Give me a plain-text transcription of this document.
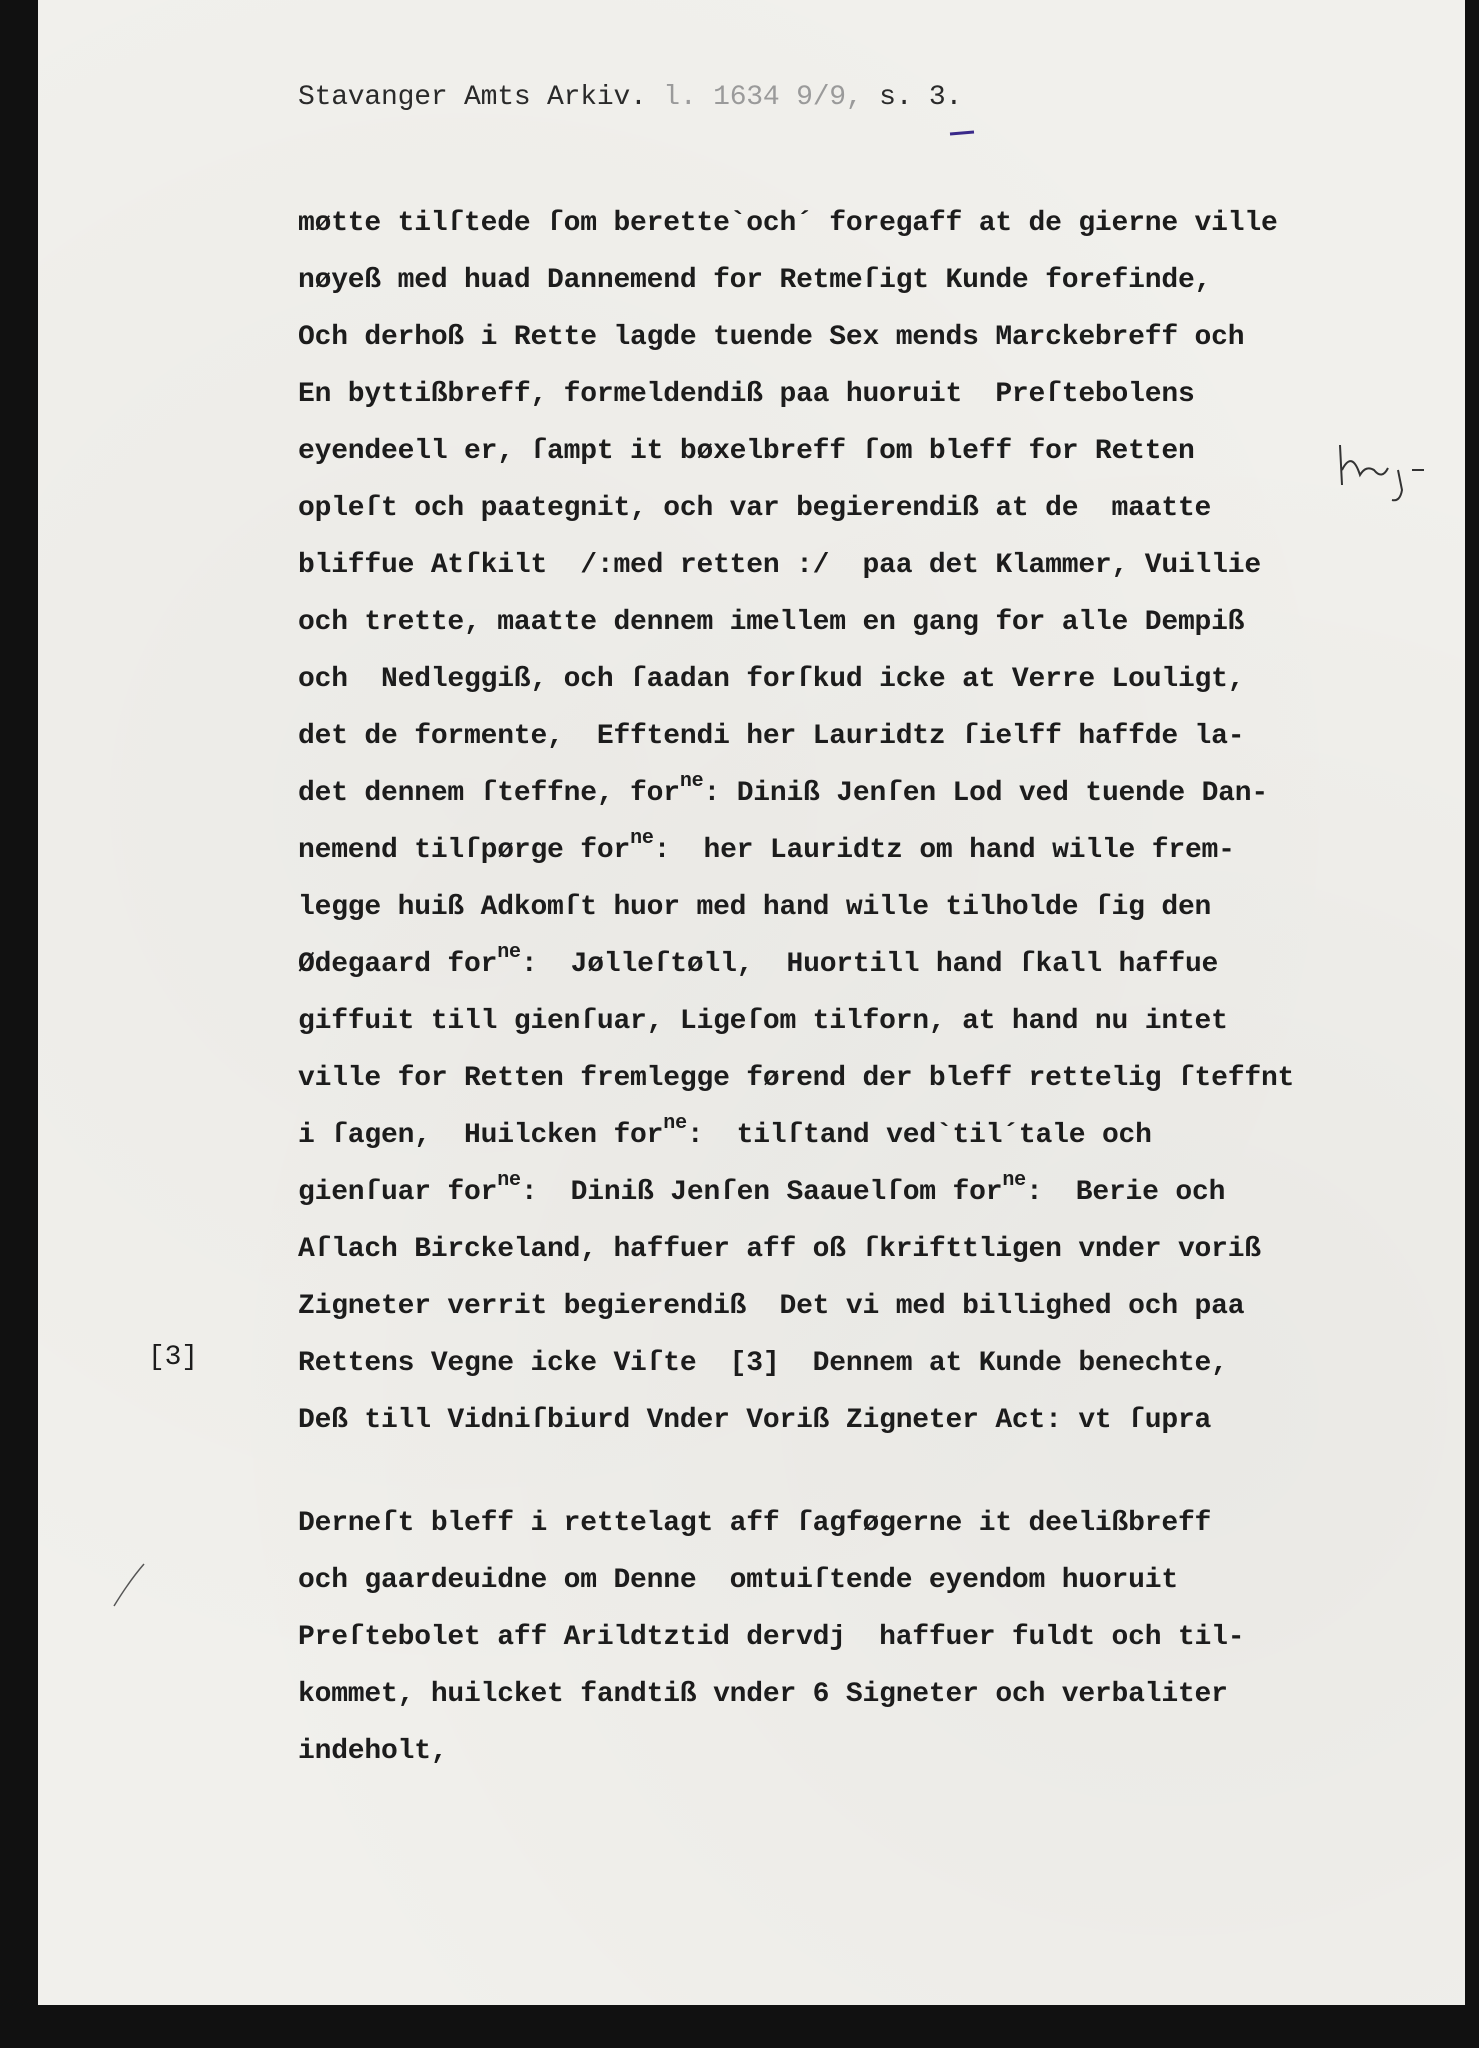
Stavanger Amts Arkiv. l. 1634 9/9, s. 3.
møtte tilſtede ſom berette`och´ foregaff at de gierne ville
nøyeß med huad Dannemend for Retmeſigt Kunde forefinde,
Och derhoß i Rette lagde tuende Sex mends Marckebreff och
En byttißbreff, formeldendiß paa huoruit  Preſtebolens
eyendeell er, ſampt it bøxelbreff ſom bleff for Retten
opleſt och paategnit, och var begierendiß at de  maatte
bliffue Atſkilt  /:med retten :/  paa det Klammer, Vuillie
och trette, maatte dennem imellem en gang for alle Dempiß
och  Nedleggiß, och ſaadan forſkud icke at Verre Louligt,
det de formente,  Efftendi her Lauridtz ſielff haffde la-
det dennem ſteffne, for$^{ne}$: Diniß Jenſen Lod ved tuende Dan-
nemend tilſpørge for$^{ne}$:  her Lauridtz om hand wille frem-
legge huiß Adkomſt huor med hand wille tilholde ſig den
Ødegaard for$^{ne}$:  Jølleſtøll,  Huortill hand ſkall haffue
giffuit till gienſuar, Ligeſom tilforn, at hand nu intet
ville for Retten fremlegge førend der bleff rettelig ſteffnt
i ſagen,  Huilcken for$^{ne}$:  tilſtand ved`til´tale och
gienſuar for$^{ne}$:  Diniß Jenſen Saauelſom for$^{ne}$:  Berie och
Aſlach Birckeland, haffuer aff oß ſkrifttligen vnder voriß
Zigneter verrit begierendiß  Det vi med billighed och paa
Rettens Vegne icke Viſte  [3]  Dennem at Kunde benechte,
Deß till Vidniſbiurd Vnder Voriß Zigneter Act: vt ſupra
Derneſt bleff i rettelagt aff ſagføgerne it deelißbreff
och gaardeuidne om Denne  omtuiſtende eyendom huoruit
Preſtebolet aff Arildtztid dervdj  haffuer fuldt och til-
kommet, huilcket fandtiß vnder 6 Signeter och verbaliter
indeholt,
[3]
